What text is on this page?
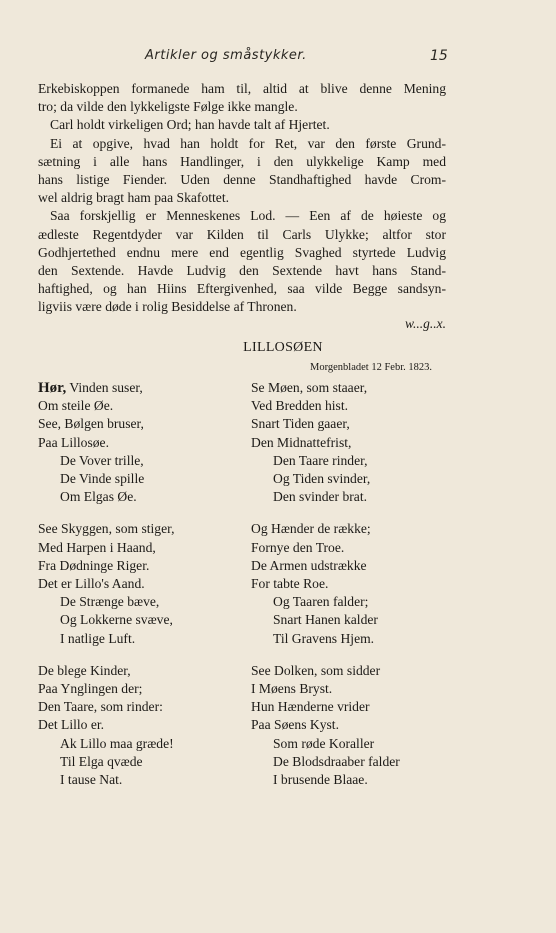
Artikler og småstykker.	15

Erkebiskoppen formanede ham til, altid at blive denne Mening
tro; da vilde den lykkeligste Følge ikke mangle.

Carl holdt virkeligen Ord; han havde talt af Hjertet.

Ei at opgive, hvad han holdt for Ret, var den første Grund-
sætning i alle hans Handlinger, i den ulykkelige Kamp med
hans listige Fiender. Uden denne Standhaftighed havde Crom-
wel aldrig bragt ham paa Skafottet.

Saa forskjellig er Menneskenes Lod. — Een af de høieste og
ædleste Regentdyder var Kilden til Carls Ulykke; altfor stor
Godhjertethed endnu mere end egentlig Svaghed styrtede Ludvig
den Sextende. Havde Ludvig den Sextende havt hans Stand-
haftighed, og han Hiins Eftergivenhed, saa vilde Begge sandsyn-
ligviis være døde i rolig Besiddelse af Thronen.

w...g..x.
LILLOSØEN
Morgenbladet 12 Febr. 1823.
Hør, Vinden suser,
Om steile Øe.
See, Bølgen bruser,
Paa Lillosøe.
De Vover trille,
De Vinde spille
Om Elgas Øe.
See Skyggen, som stiger,
Med Harpen i Haand,
Fra Dødninge Riger.
Det er Lillo's Aand.
De Strænge bæve,
Og Lokkerne svæve,
I natlige Luft.
De blege Kinder,
Paa Ynglingen der;
Den Taare, som rinder:
Det Lillo er.
Ak Lillo maa græde!
Til Elga qvæde
I tause Nat.
Se Møen, som staaer,
Ved Bredden hist.
Snart Tiden gaaer,
Den Midnattefrist,
Den Taare rinder,
Og Tiden svinder,
Den svinder brat.
Og Hænder de række;
Fornye den Troe.
De Armen udstrække
For tabte Roe.
Og Taaren falder;
Snart Hanen kalder
Til Gravens Hjem.
See Dolken, som sidder
I Møens Bryst.
Hun Hænderne vrider
Paa Søens Kyst.
Som røde Koraller
De Blodsdraaber falder
I brusende Blaae.
